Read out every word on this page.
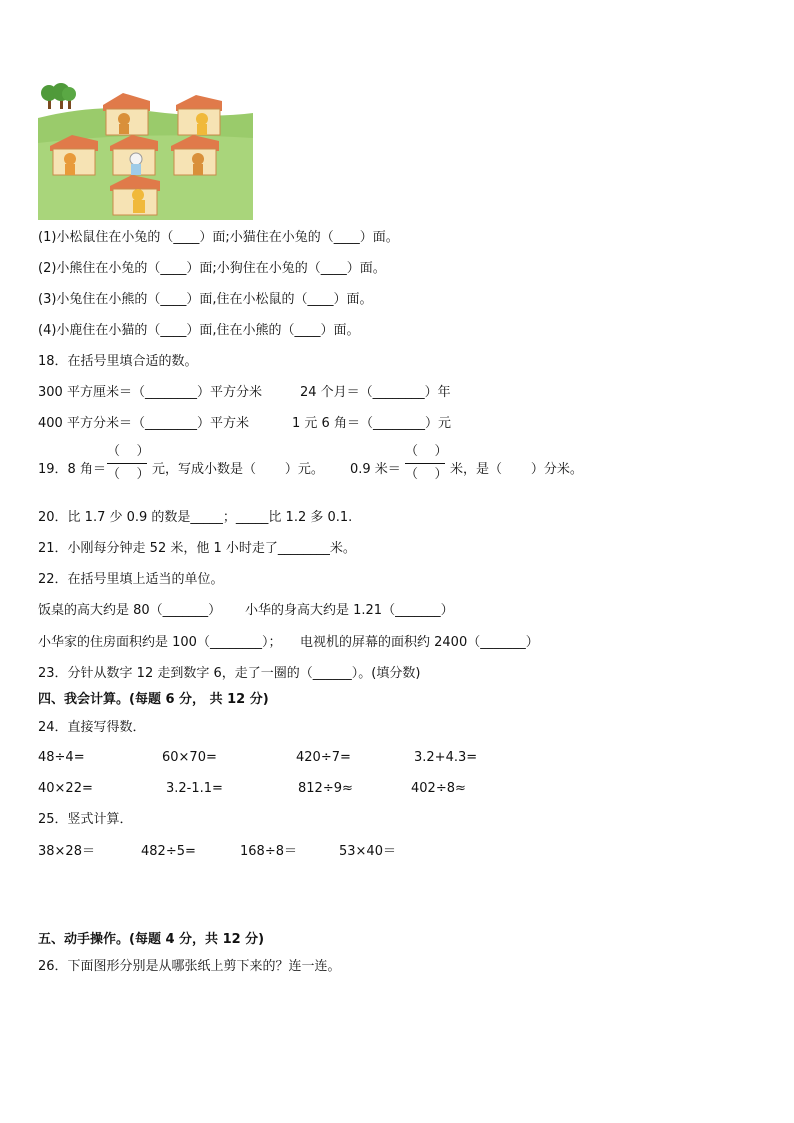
(1)小松鼠住在小兔的（____）面;小猫住在小兔的（____）面。
(2)小熊住在小兔的（____）面;小狗住在小兔的（____）面。
(3)小兔住在小熊的（____）面,住在小松鼠的（____）面。
(4)小鹿住在小猫的（____）面,住在小熊的（____）面。
18．在括号里填合适的数。
300 平方厘米＝（________）平方分米	24 个月＝（________）年
400 平方分米＝（________）平方米	1 元 6 角＝（________）元
19．8 角＝
（    ）
（    ） 元，写成小数是（       ）元。 0.9 米＝
（    ）
（    ） 米，是（       ）分米。
20．比 1.7 少 0.9 的数是_____；_____比 1.2 多 0.1.
21．小刚每分钟走 52 米，他 1 小时走了________米。
22．在括号里填上适当的单位。
饭桌的高大约是 80（_______） 小华的身高大约是 1.21（_______）
小华家的住房面积约是 100（________）； 电视机的屏幕的面积约 2400（_______）
23．分针从数字 12 走到数字 6，走了一圈的（______）。(填分数)
四、我会计算。(每题 6 分， 共 12 分)
24．直接写得数．
48÷4=	60×70=	420÷7=	3.2+4.3=
40×22=	3.2-1.1=	812÷9≈	402÷8≈
25．竖式计算．
38×28＝	482÷5=	168÷8＝	53×40＝
五、动手操作。(每题 4 分，共 12 分)
26．下面图形分别是从哪张纸上剪下来的？连一连。
